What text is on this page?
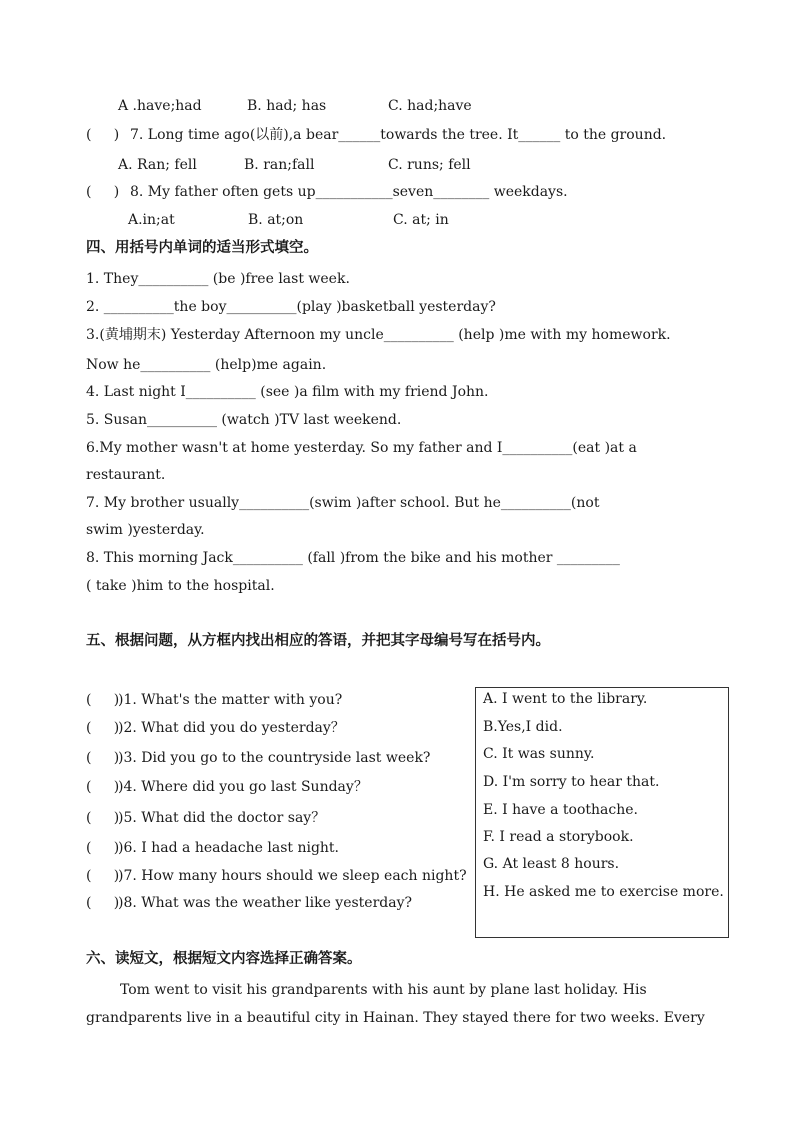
A .have;had	B. had; has	C. had;have
(     ) 7. Long time ago(以前),a bear______towards the tree. It______ to the ground.
A. Ran; fell	B. ran;fall	C. runs; fell
(     ) 8. My father often gets up___________seven________ weekdays.
A.in;at	B. at;on	C. at; in
四、用括号内单词的适当形式填空。
1. They__________ (be )free last week.
2. __________the boy__________(play )basketball yesterday?
3.(黄埔期末) Yesterday Afternoon my uncle__________ (help )me with my homework.
Now he__________ (help)me again.
4. Last night I__________ (see )a film with my friend John.
5. Susan__________ (watch )TV last weekend.
6.My mother wasn't at home yesterday. So my father and I__________(eat )at a
restaurant.
7. My brother usually__________(swim )after school. But he__________(not
swim )yesterday.
8. This morning Jack__________ (fall )from the bike and his mother _________
( take )him to the hospital.
五、根据问题，从方框内找出相应的答语，并把其字母编号写在括号内。
(     )
)1. What's the matter with you?
(     )
)2. What did you do yesterday？
(     )
)3. Did you go to the countryside last week?
(     )
)4. Where did you go last Sunday？
(     )
)5. What did the doctor say？
(     )
)6. I had a headache last night.
(     )
)7. How many hours should we sleep each night?
(     )
)8. What was the weather like yesterday?
A. I went to the library.
B.Yes,I did.
C. It was sunny.
D. I'm sorry to hear that.
E. I have a toothache.
F. I read a storybook.
G. At least 8 hours.
H. He asked me to exercise more.
六、读短文，根据短文内容选择正确答案。
Tom went to visit his grandparents with his aunt by plane last holiday. His
grandparents live in a beautiful city in Hainan. They stayed there for two weeks. Every
